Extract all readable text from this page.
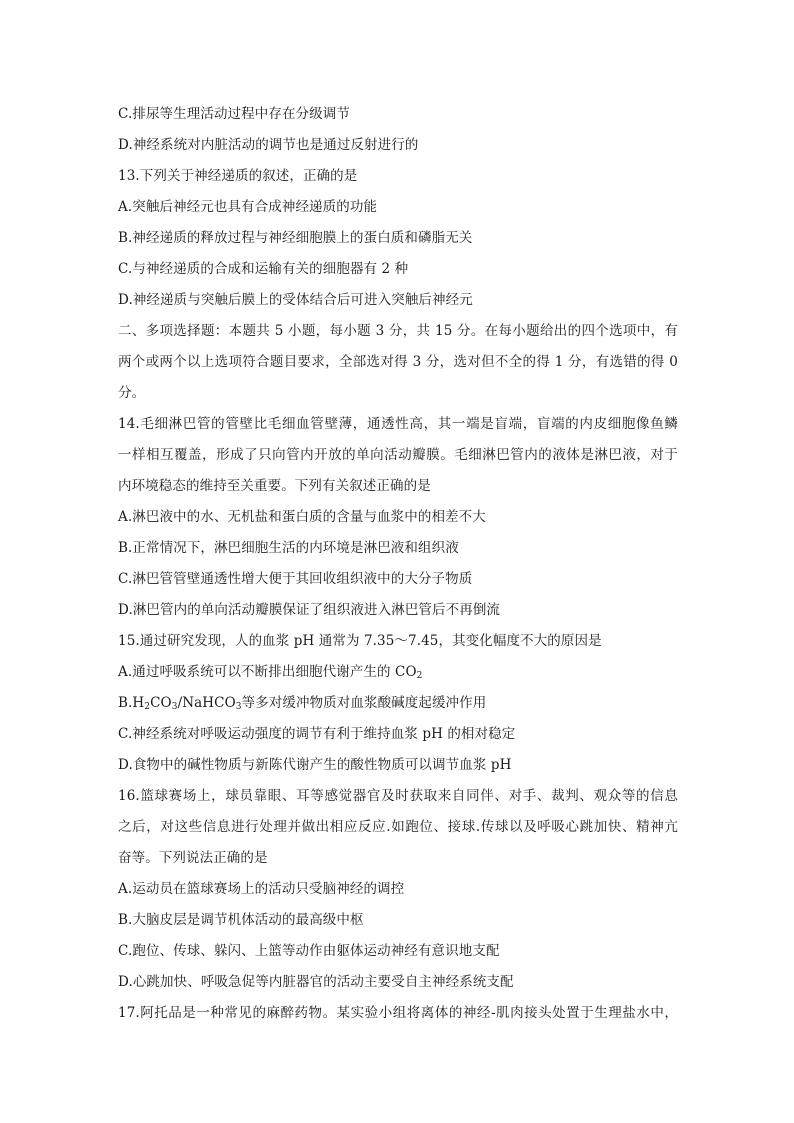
C.排尿等生理活动过程中存在分级调节
D.神经系统对内脏活动的调节也是通过反射进行的
13.下列关于神经递质的叙述，正确的是
A.突触后神经元也具有合成神经递质的功能
B.神经递质的释放过程与神经细胞膜上的蛋白质和磷脂无关
C.与神经递质的合成和运输有关的细胞器有 2 种
D.神经递质与突触后膜上的受体结合后可进入突触后神经元
二、多项选择题：本题共 5 小题，每小题 3 分，共 15 分。在每小题给出的四个选项中，有
两个或两个以上选项符合题目要求，全部选对得 3 分，选对但不全的得 1 分，有选错的得 0
分。
14.毛细淋巴管的管壁比毛细血管壁薄，通透性高，其一端是盲端，盲端的内皮细胞像鱼鳞
一样相互覆盖，形成了只向管内开放的单向活动瓣膜。毛细淋巴管内的液体是淋巴液，对于
内环境稳态的维持至关重要。下列有关叙述正确的是
A.淋巴液中的水、无机盐和蛋白质的含量与血浆中的相差不大
B.正常情况下，淋巴细胞生活的内环境是淋巴液和组织液
C.淋巴管管壁通透性增大便于其回收组织液中的大分子物质
D.淋巴管内的单向活动瓣膜保证了组织液进入淋巴管后不再倒流
15.通过研究发现，人的血浆 pH 通常为 7.35～7.45，其变化幅度不大的原因是
A.通过呼吸系统可以不断排出细胞代谢产生的 $CO_2$
$B.H_2CO_3/NaHCO_3$等多对缓冲物质对血浆酸碱度起缓冲作用
C.神经系统对呼吸运动强度的调节有利于维持血浆 pH 的相对稳定
D.食物中的碱性物质与新陈代谢产生的酸性物质可以调节血浆 pH
16.篮球赛场上，球员靠眼、耳等感觉器官及时获取来自同伴、对手、裁判、观众等的信息
之后，对这些信息进行处理并做出相应反应.如跑位、接球.传球以及呼吸心跳加快、精神亢
奋等。下列说法正确的是
A.运动员在篮球赛场上的活动只受脑神经的调控
B.大脑皮层是调节机体活动的最高级中枢
C.跑位、传球、躲闪、上篮等动作由躯体运动神经有意识地支配
D.心跳加快、呼吸急促等内脏器官的活动主要受自主神经系统支配
17.阿托品是一种常见的麻醉药物。某实验小组将离体的神经-肌肉接头处置于生理盐水中，
